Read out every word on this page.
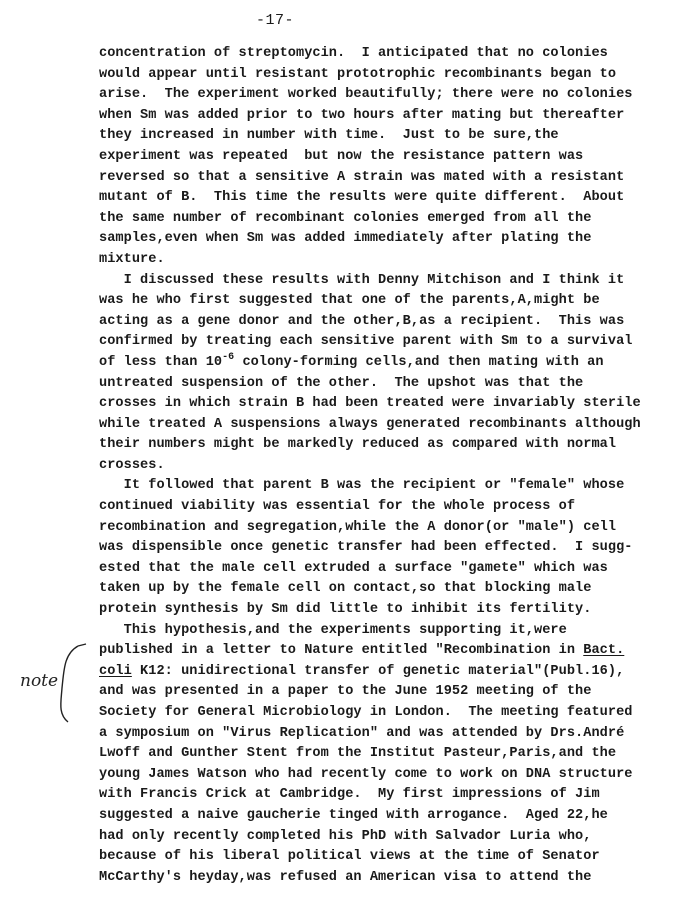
-17-
concentration of streptomycin.  I anticipated that no colonies
would appear until resistant prototrophic recombinants began to
arise.  The experiment worked beautifully; there were no colonies
when Sm was added prior to two hours after mating but thereafter
they increased in number with time.  Just to be sure,the
experiment was repeated  but now the resistance pattern was
reversed so that a sensitive A strain was mated with a resistant
mutant of B.  This time the results were quite different.  About
the same number of recombinant colonies emerged from all the
samples,even when Sm was added immediately after plating the
mixture.
I discussed these results with Denny Mitchison and I think it
was he who first suggested that one of the parents,A,might be
acting as a gene donor and the other,B,as a recipient.  This was
confirmed by treating each sensitive parent with Sm to a survival
of less than $10^{-6}$ colony-forming cells,and then mating with an
untreated suspension of the other.  The upshot was that the
crosses in which strain B had been treated were invariably sterile
while treated A suspensions always generated recombinants although
their numbers might be markedly reduced as compared with normal
crosses.
It followed that parent B was the recipient or "female" whose
continued viability was essential for the whole process of
recombination and segregation,while the A donor(or "male") cell
was dispensible once genetic transfer had been effected.  I sugg-
ested that the male cell extruded a surface "gamete" which was
taken up by the female cell on contact,so that blocking male
protein synthesis by Sm did little to inhibit its fertility.
This hypothesis,and the experiments supporting it,were
published in a letter to Nature entitled "Recombination in Bact.
coli K12: unidirectional transfer of genetic material"(Publ.16),
and was presented in a paper to the June 1952 meeting of the
Society for General Microbiology in London.  The meeting featured
a symposium on "Virus Replication" and was attended by Drs.André
Lwoff and Gunther Stent from the Institut Pasteur,Paris,and the
young James Watson who had recently come to work on DNA structure
with Francis Crick at Cambridge.  My first impressions of Jim
suggested a naive gaucherie tinged with arrogance.  Aged 22,he
had only recently completed his PhD with Salvador Luria who,
because of his liberal political views at the time of Senator
McCarthy's heyday,was refused an American visa to attend the
note
